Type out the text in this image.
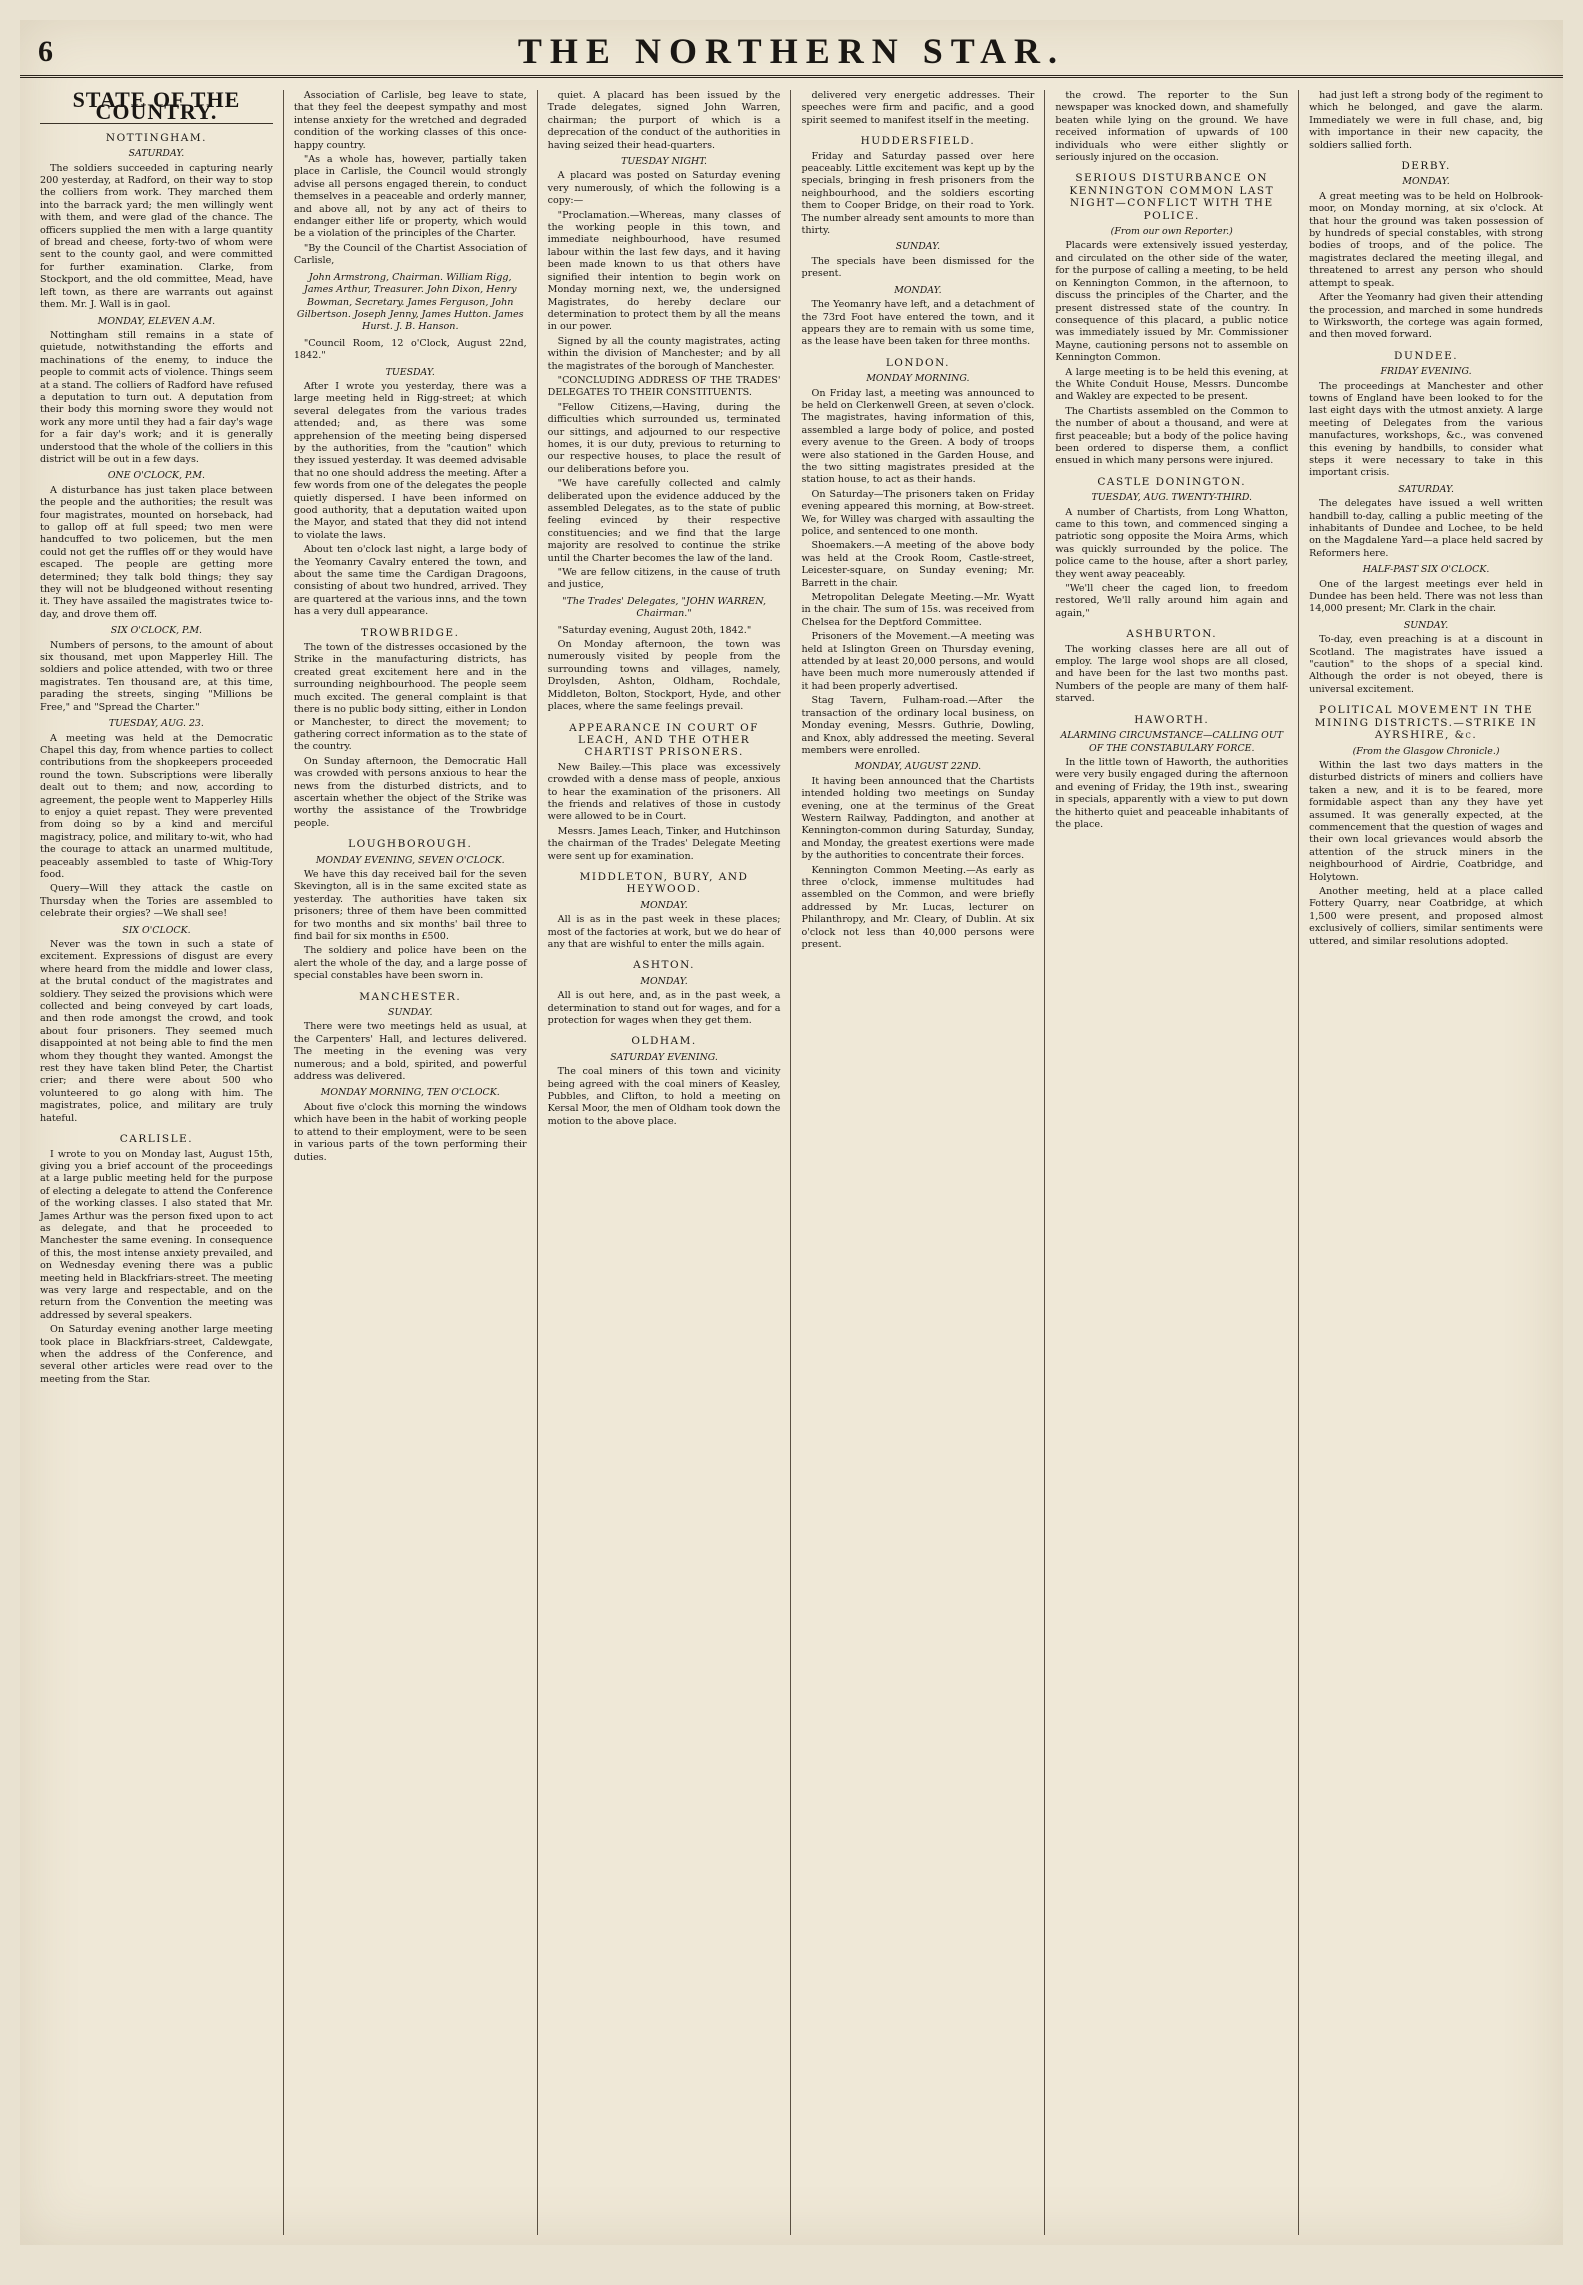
6	THE NORTHERN STAR.
STATE OF THE COUNTRY.
NOTTINGHAM.
SATURDAY.

The soldiers succeeded in capturing nearly 200 yesterday, at Radford, on their way to stop the colliers from work. They marched them into the barrack yard; the men willingly went with them, and were glad of the chance. The officers supplied the men with a large quantity of bread and cheese, forty-two of whom were sent to the county gaol, and were committed for further examination. Clarke, from Stockport, and the old committee, Mead, have left town, as there are warrants out against them. Mr. J. Wall is in gaol.

MONDAY, ELEVEN A.M.

Nottingham still remains in a state of quietude, notwithstanding the efforts and machinations of the enemy, to induce the people to commit acts of violence. Things seem at a stand. The colliers of Radford have refused a deputation to turn out. A deputation from their body this morning swore they would not work any more until they had a fair day's wage for a fair day's work; and it is generally understood that the whole of the colliers in this district will be out in a few days.

ONE O'CLOCK, P.M.

A disturbance has just taken place between the people and the authorities; the result was four magistrates, mounted on horseback, had to gallop off at full speed; two men were handcuffed to two policemen, but the men could not get the ruffles off or they would have escaped. The people are getting more determined; they talk bold things; they say they will not be bludgeoned without resenting it. They have assailed the magistrates twice to-day, and drove them off.

SIX O'CLOCK, P.M.

Numbers of persons, to the amount of about six thousand, met upon Mapperley Hill. The soldiers and police attended, with two or three magistrates. Ten thousand are, at this time, parading the streets, singing "Millions be Free," and "Spread the Charter."

TUESDAY, AUG. 23.

A meeting was held at the Democratic Chapel this day, from whence parties to collect contributions from the shopkeepers proceeded round the town. Subscriptions were liberally dealt out to them; and now, according to agreement, the people went to Mapperley Hills to enjoy a quiet repast. They were prevented from doing so by a kind and merciful magistracy, police, and military to-wit, who had the courage to attack an unarmed multitude, peaceably assembled to taste of Whig-Tory food.

Query—Will they attack the castle on Thursday when the Tories are assembled to celebrate their orgies? —We shall see!

SIX O'CLOCK.

Never was the town in such a state of excitement. Expressions of disgust are every where heard from the middle and lower class, at the brutal conduct of the magistrates and soldiery. They seized the provisions which were collected and being conveyed by cart loads, and then rode amongst the crowd, and took about four prisoners. They seemed much disappointed at not being able to find the men whom they thought they wanted. Amongst the rest they have taken blind Peter, the Chartist crier; and there were about 500 who volunteered to go along with him. The magistrates, police, and military are truly hateful.

CARLISLE.

I wrote to you on Monday last, August 15th, giving you a brief account of the proceedings at a large public meeting held for the purpose of electing a delegate to attend the Conference of the working classes. I also stated that Mr. James Arthur was the person fixed upon to act as delegate, and that he proceeded to Manchester the same evening. In consequence of this, the most intense anxiety prevailed, and on Wednesday evening there was a public meeting held in Blackfriars-street. The meeting was very large and respectable, and on the return from the Convention the meeting was addressed by several speakers.

On Saturday evening another large meeting took place in Blackfriars-street, Caldewgate, when the address of the Conference, and several other articles were read over to the meeting from the Star.

Association of Carlisle, beg leave to state, that they feel the deepest sympathy and most intense anxiety for the wretched and degraded condition of the working classes of this once-happy country.

"As a whole has, however, partially taken place in Carlisle, the Council would strongly advise all persons engaged therein, to conduct themselves in a peaceable and orderly manner, and above all, not by any act of theirs to endanger either life or property, which would be a violation of the principles of the Charter.

"By the Council of the Chartist Association of Carlisle,

John Armstrong, Chairman. William Rigg, James Arthur, Treasurer. John Dixon, Henry Bowman, Secretary. James Ferguson, John Gilbertson. Joseph Jenny, James Hutton. James Hurst. J. B. Hanson.

"Council Room, 12 o'Clock, August 22nd, 1842."

TUESDAY.

After I wrote you yesterday, there was a large meeting held in Rigg-street; at which several delegates from the various trades attended; and, as there was some apprehension of the meeting being dispersed by the authorities, from the "caution" which they issued yesterday. It was deemed advisable that no one should address the meeting. After a few words from one of the delegates the people quietly dispersed. I have been informed on good authority, that a deputation waited upon the Mayor, and stated that they did not intend to violate the laws.

About ten o'clock last night, a large body of the Yeomanry Cavalry entered the town, and about the same time the Cardigan Dragoons, consisting of about two hundred, arrived. They are quartered at the various inns, and the town has a very dull appearance.

TROWBRIDGE.

The town of the distresses occasioned by the Strike in the manufacturing districts, has created great excitement here and in the surrounding neighbourhood. The people seem much excited. The general complaint is that there is no public body sitting, either in London or Manchester, to direct the movement; to gathering correct information as to the state of the country.

On Sunday afternoon, the Democratic Hall was crowded with persons anxious to hear the news from the disturbed districts, and to ascertain whether the object of the Strike was worthy the assistance of the Trowbridge people.

LOUGHBOROUGH.
MONDAY EVENING, SEVEN O'CLOCK.

We have this day received bail for the seven Skevington, all is in the same excited state as yesterday. The authorities have taken six prisoners; three of them have been committed for two months and six months' bail three to find bail for six months in £500.

The soldiery and police have been on the alert the whole of the day, and a large posse of special constables have been sworn in.

MANCHESTER.
SUNDAY.

There were two meetings held as usual, at the Carpenters' Hall, and lectures delivered. The meeting in the evening was very numerous; and a bold, spirited, and powerful address was delivered.

MONDAY MORNING, TEN O'CLOCK.

About five o'clock this morning the windows which have been in the habit of working people to attend to their employment, were to be seen in various parts of the town performing their duties.

quiet. A placard has been issued by the Trade delegates, signed John Warren, chairman; the purport of which is a deprecation of the conduct of the authorities in having seized their head-quarters.

TUESDAY NIGHT.

A placard was posted on Saturday evening very numerously, of which the following is a copy:—

"Proclamation.—Whereas, many classes of the working people in this town, and immediate neighbourhood, have resumed labour within the last few days, and it having been made known to us that others have signified their intention to begin work on Monday morning next, we, the undersigned Magistrates, do hereby declare our determination to protect them by all the means in our power.

Signed by all the county magistrates, acting within the division of Manchester; and by all the magistrates of the borough of Manchester.

"CONCLUDING ADDRESS OF THE TRADES' DELEGATES TO THEIR CONSTITUENTS.

"Fellow Citizens,—Having, during the difficulties which surrounded us, terminated our sittings, and adjourned to our respective homes, it is our duty, previous to returning to our respective houses, to place the result of our deliberations before you.

"We have carefully collected and calmly deliberated upon the evidence adduced by the assembled Delegates, as to the state of public feeling evinced by their respective constituencies; and we find that the large majority are resolved to continue the strike until the Charter becomes the law of the land.

"We are fellow citizens, in the cause of truth and justice,

"The Trades' Delegates, "JOHN WARREN, Chairman."

"Saturday evening, August 20th, 1842."

On Monday afternoon, the town was numerously visited by people from the surrounding towns and villages, namely, Droylsden, Ashton, Oldham, Rochdale, Middleton, Bolton, Stockport, Hyde, and other places, where the same feelings prevail.

APPEARANCE IN COURT OF LEACH, AND THE OTHER CHARTIST PRISONERS.

New Bailey.—This place was excessively crowded with a dense mass of people, anxious to hear the examination of the prisoners. All the friends and relatives of those in custody were allowed to be in Court.

Messrs. James Leach, Tinker, and Hutchinson the chairman of the Trades' Delegate Meeting were sent up for examination.

MIDDLETON, BURY, AND HEYWOOD.
MONDAY.

All is as in the past week in these places; most of the factories at work, but we do hear of any that are wishful to enter the mills again.

ASHTON.
MONDAY.

All is out here, and, as in the past week, a determination to stand out for wages, and for a protection for wages when they get them.

OLDHAM.
SATURDAY EVENING.

The coal miners of this town and vicinity being agreed with the coal miners of Keasley, Pubbles, and Clifton, to hold a meeting on Kersal Moor, the men of Oldham took down the motion to the above place.

delivered very energetic addresses. Their speeches were firm and pacific, and a good spirit seemed to manifest itself in the meeting.

HUDDERSFIELD.

Friday and Saturday passed over here peaceably. Little excitement was kept up by the specials, bringing in fresh prisoners from the neighbourhood, and the soldiers escorting them to Cooper Bridge, on their road to York. The number already sent amounts to more than thirty.

SUNDAY.

The specials have been dismissed for the present.

MONDAY.

The Yeomanry have left, and a detachment of the 73rd Foot have entered the town, and it appears they are to remain with us some time, as the lease have been taken for three months.

LONDON.
MONDAY MORNING.

On Friday last, a meeting was announced to be held on Clerkenwell Green, at seven o'clock. The magistrates, having information of this, assembled a large body of police, and posted every avenue to the Green. A body of troops were also stationed in the Garden House, and the two sitting magistrates presided at the station house, to act as their hands.

On Saturday—The prisoners taken on Friday evening appeared this morning, at Bow-street. We, for Willey was charged with assaulting the police, and sentenced to one month.

Shoemakers.—A meeting of the above body was held at the Crook Room, Castle-street, Leicester-square, on Sunday evening; Mr. Barrett in the chair.

Metropolitan Delegate Meeting.—Mr. Wyatt in the chair. The sum of 15s. was received from Chelsea for the Deptford Committee.

Prisoners of the Movement.—A meeting was held at Islington Green on Thursday evening, attended by at least 20,000 persons, and would have been much more numerously attended if it had been properly advertised.

Stag Tavern, Fulham-road.—After the transaction of the ordinary local business, on Monday evening, Messrs. Guthrie, Dowling, and Knox, ably addressed the meeting. Several members were enrolled.

MONDAY, AUGUST 22ND.

It having been announced that the Chartists intended holding two meetings on Sunday evening, one at the terminus of the Great Western Railway, Paddington, and another at Kennington-common during Saturday, Sunday, and Monday, the greatest exertions were made by the authorities to concentrate their forces.

Kennington Common Meeting.—As early as three o'clock, immense multitudes had assembled on the Common, and were briefly addressed by Mr. Lucas, lecturer on Philanthropy, and Mr. Cleary, of Dublin. At six o'clock not less than 40,000 persons were present.

the crowd. The reporter to the Sun newspaper was knocked down, and shamefully beaten while lying on the ground. We have received information of upwards of 100 individuals who were either slightly or seriously injured on the occasion.

SERIOUS DISTURBANCE ON KENNINGTON COMMON LAST NIGHT—CONFLICT WITH THE POLICE.
(From our own Reporter.)

Placards were extensively issued yesterday, and circulated on the other side of the water, for the purpose of calling a meeting, to be held on Kennington Common, in the afternoon, to discuss the principles of the Charter, and the present distressed state of the country. In consequence of this placard, a public notice was immediately issued by Mr. Commissioner Mayne, cautioning persons not to assemble on Kennington Common.

A large meeting is to be held this evening, at the White Conduit House, Messrs. Duncombe and Wakley are expected to be present.

The Chartists assembled on the Common to the number of about a thousand, and were at first peaceable; but a body of the police having been ordered to disperse them, a conflict ensued in which many persons were injured.

CASTLE DONINGTON.
TUESDAY, AUG. TWENTY-THIRD.

A number of Chartists, from Long Whatton, came to this town, and commenced singing a patriotic song opposite the Moira Arms, which was quickly surrounded by the police. The police came to the house, after a short parley, they went away peaceably.

"We'll cheer the caged lion, to freedom restored, We'll rally around him again and again,"

ASHBURTON.

The working classes here are all out of employ. The large wool shops are all closed, and have been for the last two months past. Numbers of the people are many of them half-starved.

HAWORTH.
ALARMING CIRCUMSTANCE—CALLING OUT OF THE CONSTABULARY FORCE.

In the little town of Haworth, the authorities were very busily engaged during the afternoon and evening of Friday, the 19th inst., swearing in specials, apparently with a view to put down the hitherto quiet and peaceable inhabitants of the place.

had just left a strong body of the regiment to which he belonged, and gave the alarm. Immediately we were in full chase, and, big with importance in their new capacity, the soldiers sallied forth.

DERBY.
MONDAY.

A great meeting was to be held on Holbrook-moor, on Monday morning, at six o'clock. At that hour the ground was taken possession of by hundreds of special constables, with strong bodies of troops, and of the police. The magistrates declared the meeting illegal, and threatened to arrest any person who should attempt to speak.

After the Yeomanry had given their attending the procession, and marched in some hundreds to Wirksworth, the cortege was again formed, and then moved forward.

DUNDEE.
FRIDAY EVENING.

The proceedings at Manchester and other towns of England have been looked to for the last eight days with the utmost anxiety. A large meeting of Delegates from the various manufactures, workshops, &c., was convened this evening by handbills, to consider what steps it were necessary to take in this important crisis.

SATURDAY.

The delegates have issued a well written handbill to-day, calling a public meeting of the inhabitants of Dundee and Lochee, to be held on the Magdalene Yard—a place held sacred by Reformers here.

HALF-PAST SIX O'CLOCK.

One of the largest meetings ever held in Dundee has been held. There was not less than 14,000 present; Mr. Clark in the chair.

SUNDAY.

To-day, even preaching is at a discount in Scotland. The magistrates have issued a "caution" to the shops of a special kind. Although the order is not obeyed, there is universal excitement.

POLITICAL MOVEMENT IN THE MINING DISTRICTS.—STRIKE IN AYRSHIRE, &c.
(From the Glasgow Chronicle.)

Within the last two days matters in the disturbed districts of miners and colliers have taken a new, and it is to be feared, more formidable aspect than any they have yet assumed. It was generally expected, at the commencement that the question of wages and their own local grievances would absorb the attention of the struck miners in the neighbourhood of Airdrie, Coatbridge, and Holytown.

Another meeting, held at a place called Fottery Quarry, near Coatbridge, at which 1,500 were present, and proposed almost exclusively of colliers, similar sentiments were uttered, and similar resolutions adopted.
